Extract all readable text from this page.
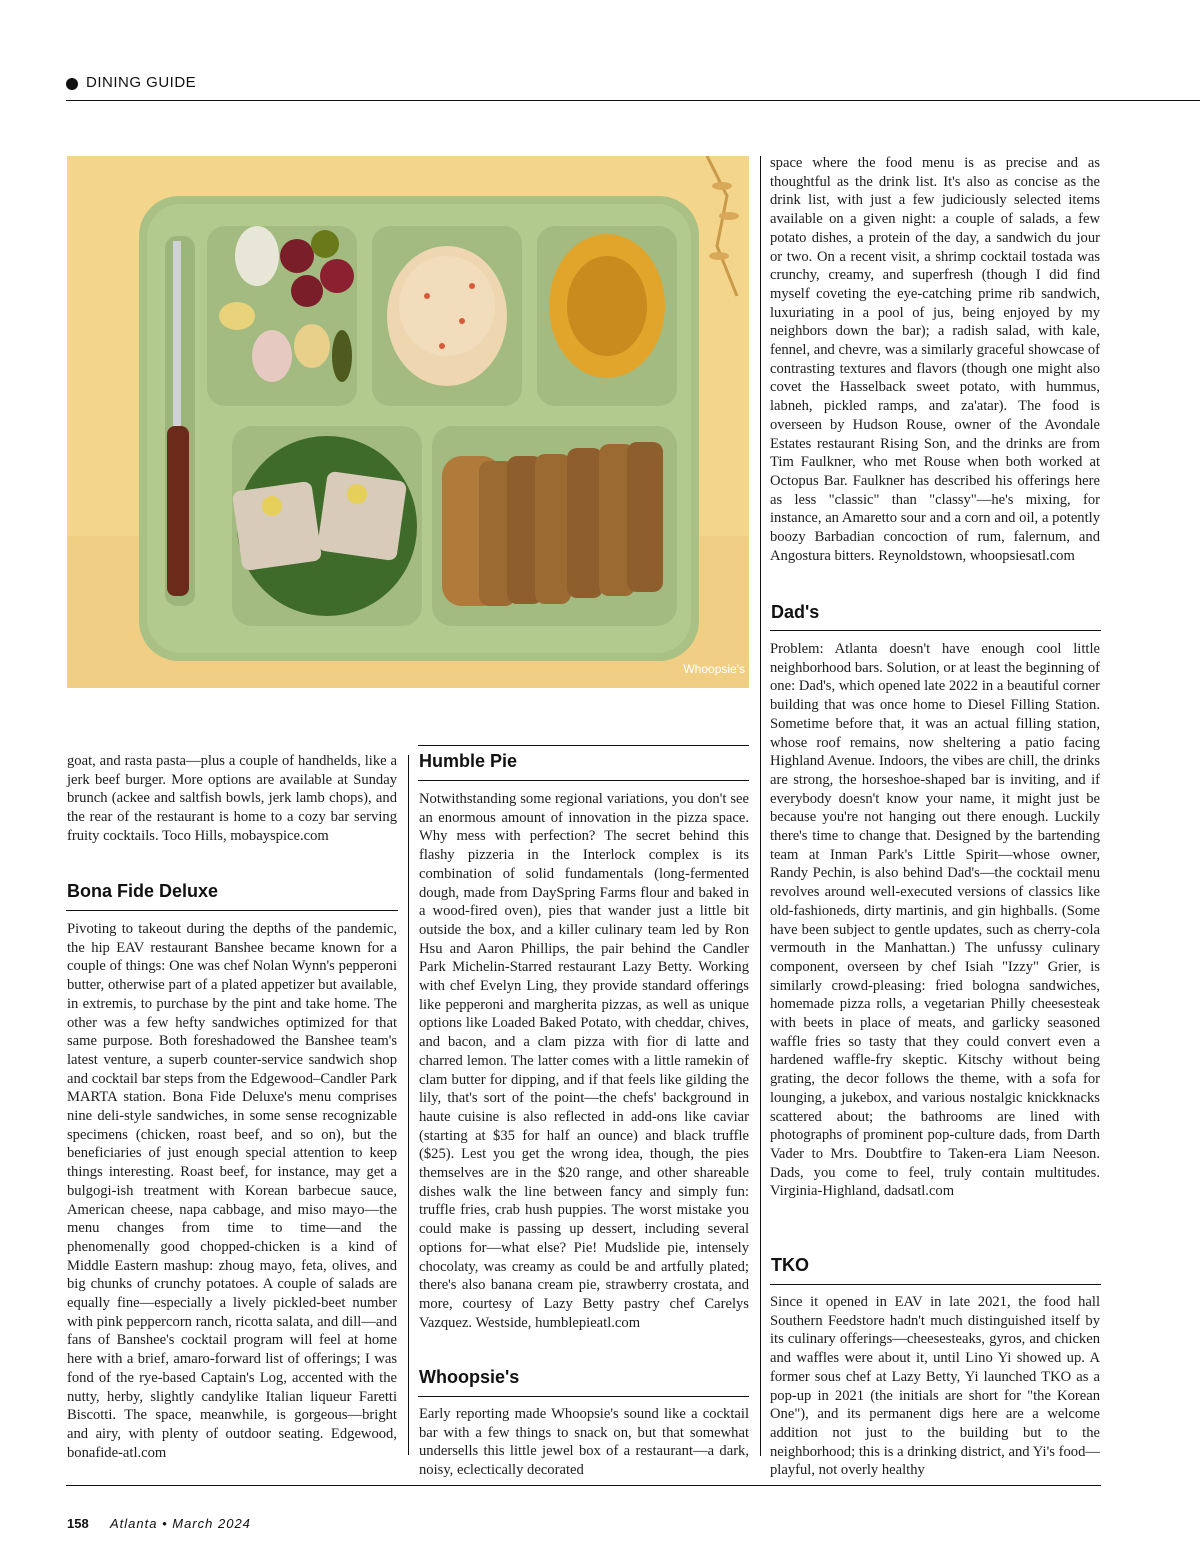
DINING GUIDE
Whoopsie's
goat, and rasta pasta—plus a couple of handhelds, like a jerk beef burger. More options are available at Sunday brunch (ackee and saltfish bowls, jerk lamb chops), and the rear of the restaurant is home to a cozy bar serving fruity cocktails. Toco Hills, mobayspice.com
Bona Fide Deluxe
Pivoting to takeout during the depths of the pandemic, the hip EAV restaurant Banshee became known for a couple of things: One was chef Nolan Wynn's pepperoni butter, otherwise part of a plated appetizer but available, in extremis, to purchase by the pint and take home. The other was a few hefty sandwiches optimized for that same purpose. Both foreshadowed the Banshee team's latest venture, a superb counter-service sandwich shop and cocktail bar steps from the Edgewood–Candler Park MARTA station. Bona Fide Deluxe's menu comprises nine deli-style sandwiches, in some sense recognizable specimens (chicken, roast beef, and so on), but the beneficiaries of just enough special attention to keep things interesting. Roast beef, for instance, may get a bulgogi-ish treatment with Korean barbecue sauce, American cheese, napa cabbage, and miso mayo—the menu changes from time to time—and the phenomenally good chopped-chicken is a kind of Middle Eastern mashup: zhoug mayo, feta, olives, and big chunks of crunchy potatoes. A couple of salads are equally fine—especially a lively pickled-beet number with pink peppercorn ranch, ricotta salata, and dill—and fans of Banshee's cocktail program will feel at home here with a brief, amaro-forward list of offerings; I was fond of the rye-based Captain's Log, accented with the nutty, herby, slightly candylike Italian liqueur Faretti Biscotti. The space, meanwhile, is gorgeous—bright and airy, with plenty of outdoor seating. Edgewood, bonafide-atl.com
Humble Pie
Notwithstanding some regional variations, you don't see an enormous amount of innovation in the pizza space. Why mess with perfection? The secret behind this flashy pizzeria in the Interlock complex is its combination of solid fundamentals (long-fermented dough, made from DaySpring Farms flour and baked in a wood-fired oven), pies that wander just a little bit outside the box, and a killer culinary team led by Ron Hsu and Aaron Phillips, the pair behind the Candler Park Michelin-Starred restaurant Lazy Betty. Working with chef Evelyn Ling, they provide standard offerings like pepperoni and margherita pizzas, as well as unique options like Loaded Baked Potato, with cheddar, chives, and bacon, and a clam pizza with fior di latte and charred lemon. The latter comes with a little ramekin of clam butter for dipping, and if that feels like gilding the lily, that's sort of the point—the chefs' background in haute cuisine is also reflected in add-ons like caviar (starting at $35 for half an ounce) and black truffle ($25). Lest you get the wrong idea, though, the pies themselves are in the $20 range, and other shareable dishes walk the line between fancy and simply fun: truffle fries, crab hush puppies. The worst mistake you could make is passing up dessert, including several options for—what else? Pie! Mudslide pie, intensely chocolaty, was creamy as could be and artfully plated; there's also banana cream pie, strawberry crostata, and more, courtesy of Lazy Betty pastry chef Carelys Vazquez. Westside, humblepieatl.com
Whoopsie's
Early reporting made Whoopsie's sound like a cocktail bar with a few things to snack on, but that somewhat undersells this little jewel box of a restaurant—a dark, noisy, eclectically decorated
space where the food menu is as precise and as thoughtful as the drink list. It's also as concise as the drink list, with just a few judiciously selected items available on a given night: a couple of salads, a few potato dishes, a protein of the day, a sandwich du jour or two. On a recent visit, a shrimp cocktail tostada was crunchy, creamy, and superfresh (though I did find myself coveting the eye-catching prime rib sandwich, luxuriating in a pool of jus, being enjoyed by my neighbors down the bar); a radish salad, with kale, fennel, and chevre, was a similarly graceful showcase of contrasting textures and flavors (though one might also covet the Hasselback sweet potato, with hummus, labneh, pickled ramps, and za'atar). The food is overseen by Hudson Rouse, owner of the Avondale Estates restaurant Rising Son, and the drinks are from Tim Faulkner, who met Rouse when both worked at Octopus Bar. Faulkner has described his offerings here as less "classic" than "classy"—he's mixing, for instance, an Amaretto sour and a corn and oil, a potently boozy Barbadian concoction of rum, falernum, and Angostura bitters. Reynoldstown, whoopsiesatl.com
Dad's
Problem: Atlanta doesn't have enough cool little neighborhood bars. Solution, or at least the beginning of one: Dad's, which opened late 2022 in a beautiful corner building that was once home to Diesel Filling Station. Sometime before that, it was an actual filling station, whose roof remains, now sheltering a patio facing Highland Avenue. Indoors, the vibes are chill, the drinks are strong, the horseshoe-shaped bar is inviting, and if everybody doesn't know your name, it might just be because you're not hanging out there enough. Luckily there's time to change that. Designed by the bartending team at Inman Park's Little Spirit—whose owner, Randy Pechin, is also behind Dad's—the cocktail menu revolves around well-executed versions of classics like old-fashioneds, dirty martinis, and gin highballs. (Some have been subject to gentle updates, such as cherry-cola vermouth in the Manhattan.) The unfussy culinary component, overseen by chef Isiah "Izzy" Grier, is similarly crowd-pleasing: fried bologna sandwiches, homemade pizza rolls, a vegetarian Philly cheesesteak with beets in place of meats, and garlicky seasoned waffle fries so tasty that they could convert even a hardened waffle-fry skeptic. Kitschy without being grating, the decor follows the theme, with a sofa for lounging, a jukebox, and various nostalgic knickknacks scattered about; the bathrooms are lined with photographs of prominent pop-culture dads, from Darth Vader to Mrs. Doubtfire to Taken-era Liam Neeson. Dads, you come to feel, truly contain multitudes. Virginia-Highland, dadsatl.com
TKO
Since it opened in EAV in late 2021, the food hall Southern Feedstore hadn't much distinguished itself by its culinary offerings—cheesesteaks, gyros, and chicken and waffles were about it, until Lino Yi showed up. A former sous chef at Lazy Betty, Yi launched TKO as a pop-up in 2021 (the initials are short for "the Korean One"), and its permanent digs here are a welcome addition not just to the building but to the neighborhood; this is a drinking district, and Yi's food—playful, not overly healthy
158 Atlanta • March 2024
